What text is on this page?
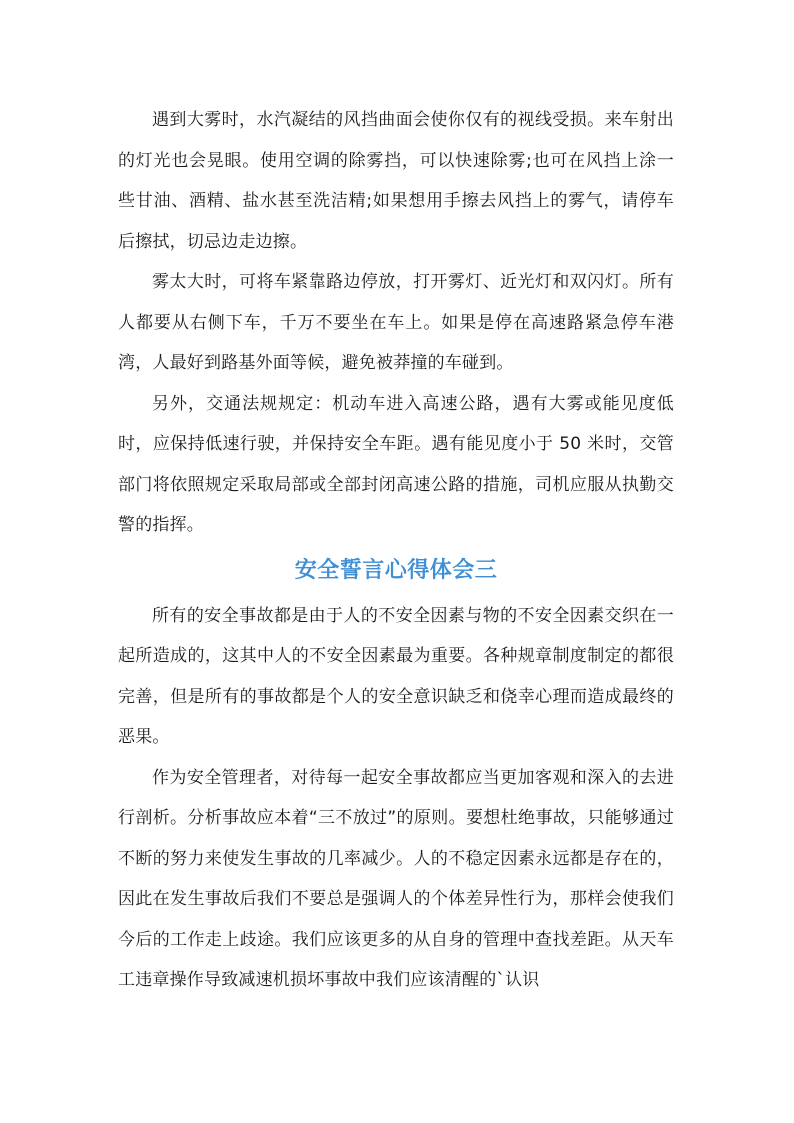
遇到大雾时，水汽凝结的风挡曲面会使你仅有的视线受损。来车射出的灯光也会晃眼。使用空调的除雾挡，可以快速除雾;也可在风挡上涂一些甘油、酒精、盐水甚至洗洁精;如果想用手擦去风挡上的雾气，请停车后擦拭，切忌边走边擦。

雾太大时，可将车紧靠路边停放，打开雾灯、近光灯和双闪灯。所有人都要从右侧下车，千万不要坐在车上。如果是停在高速路紧急停车港湾，人最好到路基外面等候，避免被莽撞的车碰到。

另外，交通法规规定：机动车进入高速公路，遇有大雾或能见度低时，应保持低速行驶，并保持安全车距。遇有能见度小于 50 米时，交管部门将依照规定采取局部或全部封闭高速公路的措施，司机应服从执勤交警的指挥。

安全誓言心得体会三

所有的安全事故都是由于人的不安全因素与物的不安全因素交织在一起所造成的，这其中人的不安全因素最为重要。各种规章制度制定的都很完善，但是所有的事故都是个人的安全意识缺乏和侥幸心理而造成最终的恶果。

作为安全管理者，对待每一起安全事故都应当更加客观和深入的去进行剖析。分析事故应本着“三不放过”的原则。要想杜绝事故，只能够通过不断的努力来使发生事故的几率减少。人的不稳定因素永远都是存在的，因此在发生事故后我们不要总是强调人的个体差异性行为，那样会使我们今后的工作走上歧途。我们应该更多的从自身的管理中查找差距。从天车工违章操作导致减速机损坏事故中我们应该清醒的`认识
